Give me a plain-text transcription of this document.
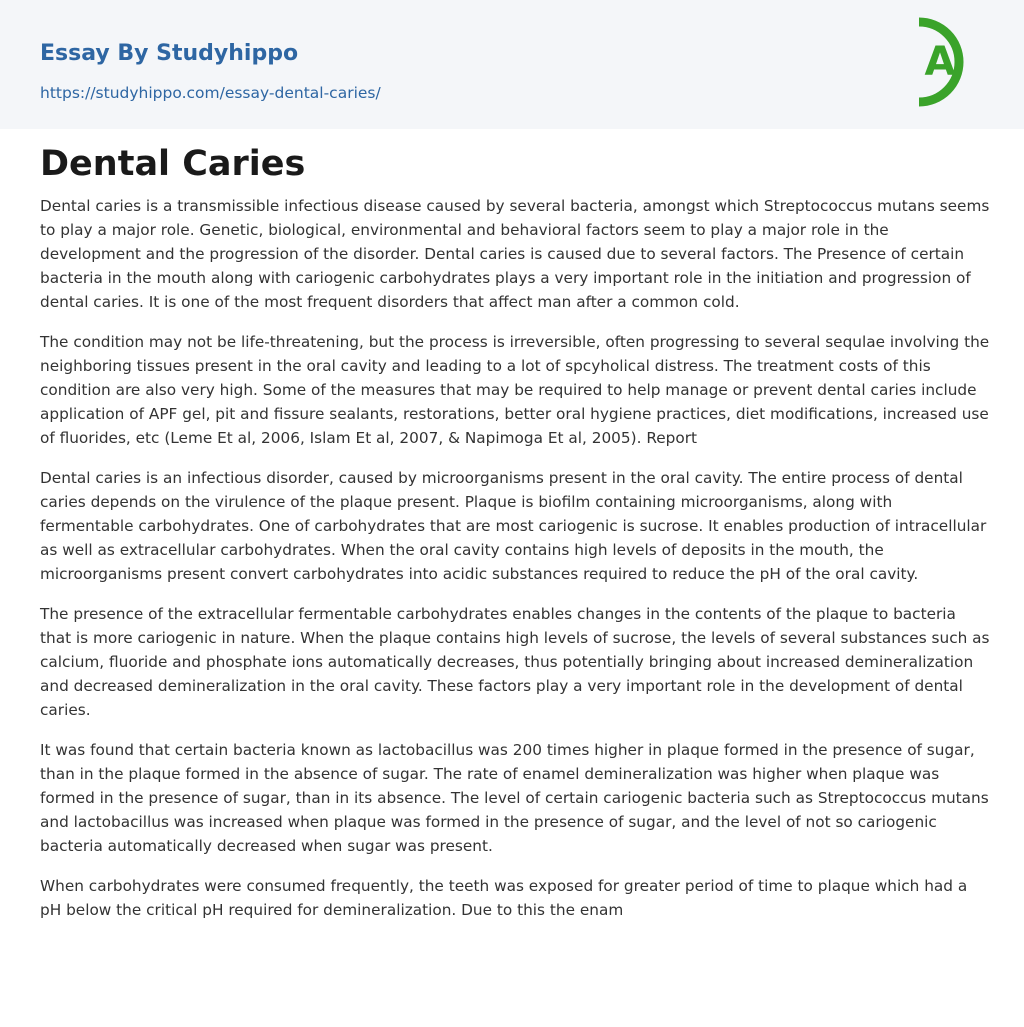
Essay By Studyhippo
https://studyhippo.com/essay-dental-caries/
A
Dental Caries

Dental caries is a transmissible infectious disease caused by several bacteria, amongst which Streptococcus mutans seems to play a major role. Genetic, biological, environmental and behavioral factors seem to play a major role in the development and the progression of the disorder. Dental caries is caused due to several factors. The Presence of certain bacteria in the mouth along with cariogenic carbohydrates plays a very important role in the initiation and progression of dental caries. It is one of the most frequent disorders that affect man after a common cold.

The condition may not be life-threatening, but the process is irreversible, often progressing to several sequlae involving the neighboring tissues present in the oral cavity and leading to a lot of spcyholical distress. The treatment costs of this condition are also very high. Some of the measures that may be required to help manage or prevent dental caries include application of APF gel, pit and fissure sealants, restorations, better oral hygiene practices, diet modifications, increased use of fluorides, etc (Leme Et al, 2006, Islam Et al, 2007, & Napimoga Et al, 2005). Report

Dental caries is an infectious disorder, caused by microorganisms present in the oral cavity. The entire process of dental caries depends on the virulence of the plaque present. Plaque is biofilm containing microorganisms, along with fermentable carbohydrates. One of carbohydrates that are most cariogenic is sucrose. It enables production of intracellular as well as extracellular carbohydrates. When the oral cavity contains high levels of deposits in the mouth, the microorganisms present convert carbohydrates into acidic substances required to reduce the pH of the oral cavity.

The presence of the extracellular fermentable carbohydrates enables changes in the contents of the plaque to bacteria that is more cariogenic in nature. When the plaque contains high levels of sucrose, the levels of several substances such as calcium, fluoride and phosphate ions automatically decreases, thus potentially bringing about increased demineralization and decreased demineralization in the oral cavity. These factors play a very important role in the development of dental caries.

It was found that certain bacteria known as lactobacillus was 200 times higher in plaque formed in the presence of sugar, than in the plaque formed in the absence of sugar. The rate of enamel demineralization was higher when plaque was formed in the presence of sugar, than in its absence. The level of certain cariogenic bacteria such as Streptococcus mutans and lactobacillus was increased when plaque was formed in the presence of sugar, and the level of not so cariogenic bacteria automatically decreased when sugar was present.

When carbohydrates were consumed frequently, the teeth was exposed for greater period of time to plaque which had a pH below the critical pH required for demineralization. Due to this the enam
